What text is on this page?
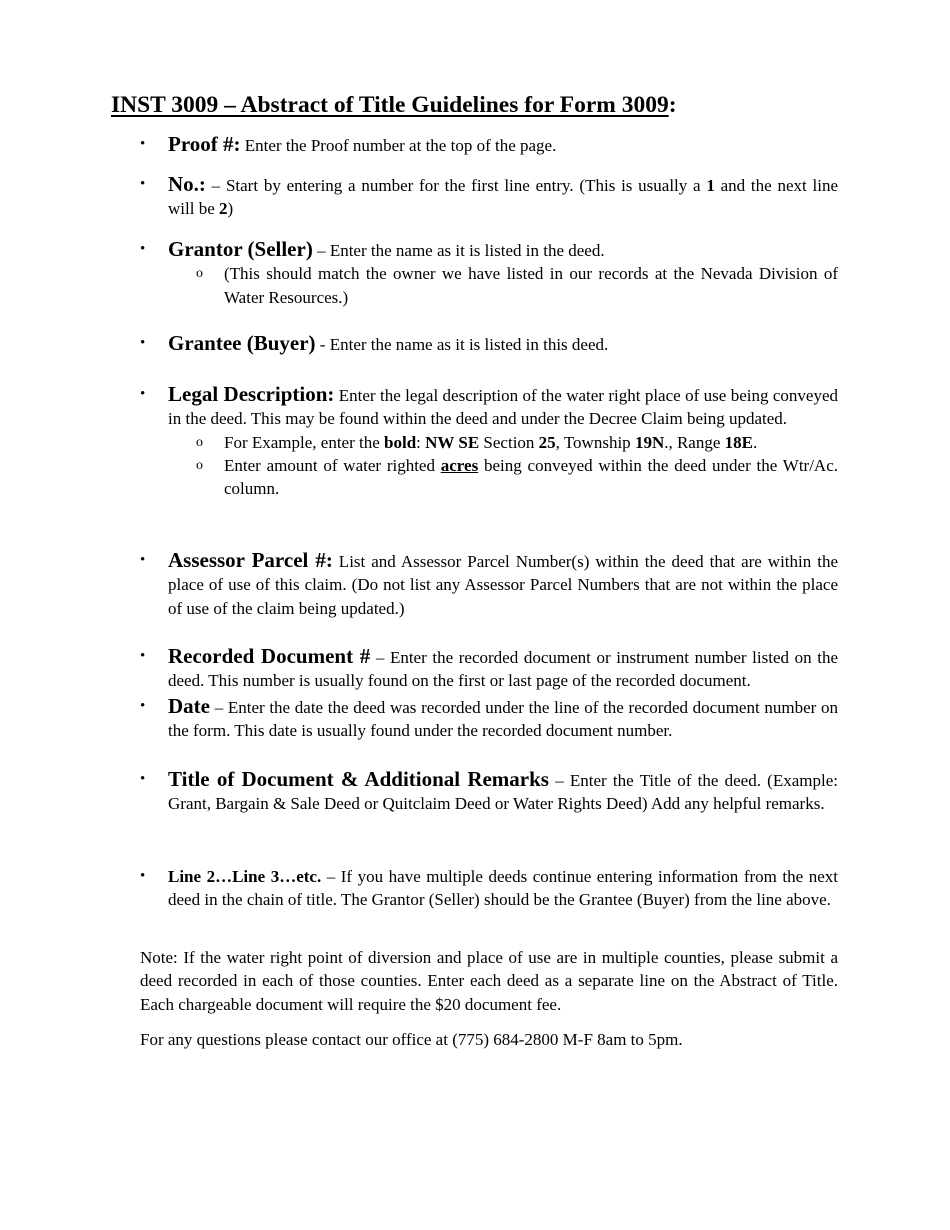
INST 3009 – Abstract of Title Guidelines for Form 3009:
• Proof #: Enter the Proof number at the top of the page.
• No.: – Start by entering a number for the first line entry. (This is usually a 1 and the next line will be 2)
• Grantor (Seller) – Enter the name as it is listed in the deed.
o (This should match the owner we have listed in our records at the Nevada Division of Water Resources.)
• Grantee (Buyer) - Enter the name as it is listed in this deed.
• Legal Description: Enter the legal description of the water right place of use being conveyed in the deed. This may be found within the deed and under the Decree Claim being updated.
o For Example, enter the bold: NW SE Section 25, Township 19N., Range 18E.
o Enter amount of water righted acres being conveyed within the deed under the Wtr/Ac. column.
• Assessor Parcel #: List and Assessor Parcel Number(s) within the deed that are within the place of use of this claim. (Do not list any Assessor Parcel Numbers that are not within the place of use of the claim being updated.)
• Recorded Document # – Enter the recorded document or instrument number listed on the deed. This number is usually found on the first or last page of the recorded document.
• Date – Enter the date the deed was recorded under the line of the recorded document number on the form. This date is usually found under the recorded document number.
• Title of Document & Additional Remarks – Enter the Title of the deed. (Example: Grant, Bargain & Sale Deed or Quitclaim Deed or Water Rights Deed) Add any helpful remarks.
• Line 2…Line 3…etc. – If you have multiple deeds continue entering information from the next deed in the chain of title. The Grantor (Seller) should be the Grantee (Buyer) from the line above.

Note: If the water right point of diversion and place of use are in multiple counties, please submit a deed recorded in each of those counties. Enter each deed as a separate line on the Abstract of Title. Each chargeable document will require the $20 document fee.

For any questions please contact our office at (775) 684-2800 M-F 8am to 5pm.
